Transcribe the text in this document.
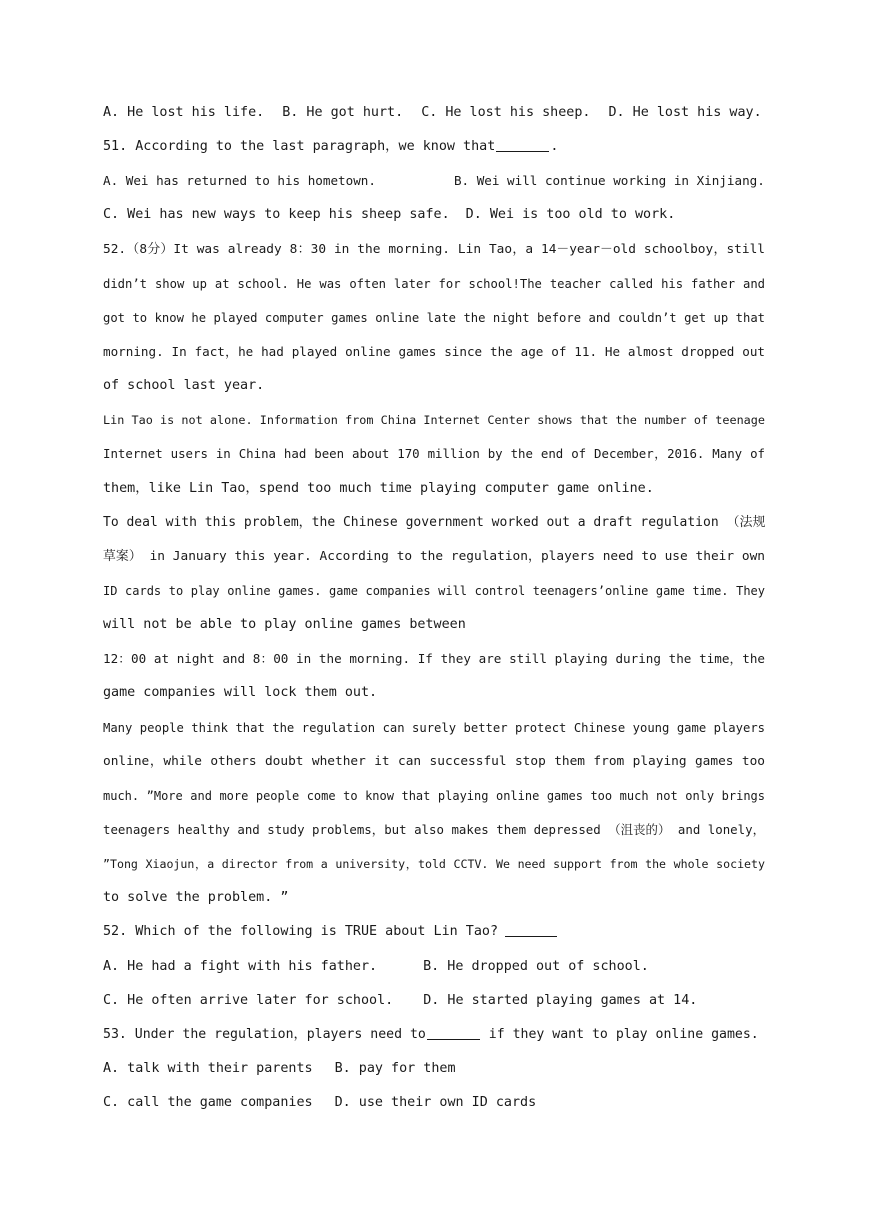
A. He lost his life. B. He got hurt. C. He lost his sheep. D. He lost his way.
51. According to the last paragraph，we know that	.
A. Wei has returned to his hometown.	B. Wei will continue working in Xinjiang.
C. Wei has new ways to keep his sheep safe. D. Wei is too old to work.
52.（8分）It was already 8：30 in the morning. Lin Tao，a 14－year－old schoolboy，still
didn’t show up at school. He was often later for school!The teacher called his father and
got to know he played computer games online late the night before and couldn’t get up that
morning. In fact，he had played online games since the age of 11. He almost dropped out
of school last year.
Lin Tao is not alone. Information from China Internet Center shows that the number of teenage
Internet users in China had been about 170 million by the end of December，2016. Many of
them，like Lin Tao，spend too much time playing computer game online.
To deal with this problem，the Chinese government worked out a draft regulation （法规
草案） in January this year. According to the regulation，players need to use their own
ID cards to play online games. game companies will control teenagers’online game time. They
will not be able to play online games between
12：00 at night and 8：00 in the morning. If they are still playing during the time，the
game companies will lock them out.
Many people think that the regulation can surely better protect Chinese young game players
online，while others doubt whether it can successful stop them from playing games too
much. ”More and more people come to know that playing online games too much not only brings
teenagers healthy and study problems，but also makes them depressed （沮丧的） and lonely，
”Tong Xiaojun，a director from a university，told CCTV. We need support from the whole society
to solve the problem. ”
52. Which of the following is TRUE about Lin Tao?
A. He had a fight with his father.	B. He dropped out of school.
C. He often arrive later for school. D. He started playing games at 14.
53. Under the regulation，players need to	if they want to play online games.
A. talk with their parents B. pay for them
C. call the game companies D. use their own ID cards
